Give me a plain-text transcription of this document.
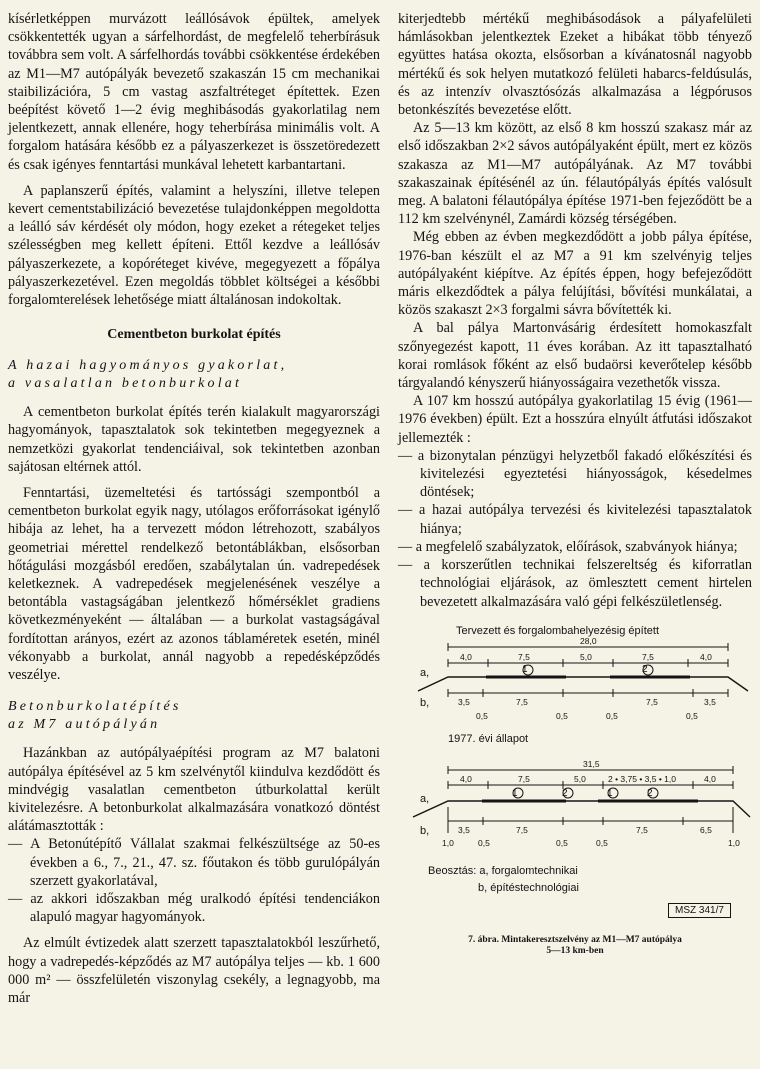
kísérletképpen murvázott leállósávok épültek, amelyek csökkentették ugyan a sárfelhordást, de megfelelő teherbírásuk továbbra sem volt. A sárfelhordás további csökkentése érdekében az M1—M7 autópályák bevezető szakaszán 15 cm mechanikai staibilizációra, 5 cm vastag aszfaltréteget építettek. Ezen beépítést követő 1—2 évig meghibásodás gyakorlatilag nem jelentkezett, annak ellenére, hogy teherbírása minimális volt. A forgalom hatására később ez a pályaszerkezet is összetöredezett és csak igényes fenntartási munkával lehetett karbantartani.

A paplanszerű építés, valamint a helyszíni, illetve telepen kevert cementstabilizáció bevezetése tulajdonképpen megoldotta a leálló sáv kérdését oly módon, hogy ezeket a rétegeket teljes szélességben meg kellett építeni. Ettől kezdve a leállósáv pályaszerkezete, a kopóréteget kivéve, megegyezett a főpálya pályaszerkezetével. Ezen megoldás többlet költségei a későbbi forgalomterelések lehetősége miatt általánosan indokoltak.

Cementbeton burkolat építés
A hazai hagyományos gyakorlat,
a vasalatlan betonburkolat

A cementbeton burkolat építés terén kialakult magyarországi hagyományok, tapasztalatok sok tekintetben megegyeznek a nemzetközi gyakorlat tendenciáival, sok tekintetben azonban sajátosan eltérnek attól.

Fenntartási, üzemeltetési és tartóssági szempontból a cementbeton burkolat egyik nagy, utólagos erőforrásokat igénylő hibája az lehet, ha a tervezett módon létrehozott, szabályos geometriai mérettel rendelkező betontáblákban, elsősorban hőtágulási mozgásból eredően, szabálytalan ún. vadrepedések keletkeznek. A vadrepedések megjelenésének veszélye a betontábla vastagságában jelentkező hőmérséklet gradiens következményeként — általában — a burkolat vastagságával fordítottan arányos, ezért az azonos táblaméretek esetén, minél vékonyabb a burkolat, annál nagyobb a repedésképződés veszélye.

Betonburkolatépítés
az M7 autópályán

Hazánkban az autópályaépítési program az M7 balatoni autópálya építésével az 5 km szelvénytől kiindulva kezdődött és mindvégig vasalatlan cementbeton útburkolattal került kivitelezésre. A betonburkolat alkalmazására vonatkozó döntést alátámasztották :

— A Betonútépítő Vállalat szakmai felkészültsége az 50-es években a 6., 7., 21., 47. sz. főutakon és több gurulópályán szerzett gyakorlatával,
— az akkori időszakban még uralkodó építési tendenciákon alapuló magyar hagyományok.

Az elmúlt évtizedek alatt szerzett tapasztalatokból leszűrhető, hogy a vadrepedés-képződés az M7 autópálya teljes — kb. 1 600 000 m² — összfelületén viszonylag csekély, a legnagyobb, ma már

kiterjedtebb mértékű meghibásodások a pályafelületi hámlásokban jelentkeztek Ezeket a hibákat több tényező együttes hatása okozta, elsősorban a kívánatosnál nagyobb mértékű és sok helyen mutatkozó felületi habarcs-feldúsulás, és az intenzív olvasztósózás alkalmazása a légpórusos betonkészítés bevezetése előtt.

Az 5—13 km között, az első 8 km hosszú szakasz már az első időszakban 2×2 sávos autópályaként épült, mert ez közös szakasza az M1—M7 autópályának. Az M7 további szakaszainak építésénél az ún. félautópályás építés valósult meg. A balatoni félautópálya építése 1971-ben fejeződött be a 112 km szelvénynél, Zamárdi község térségében.

Még ebben az évben megkezdődött a jobb pálya építése, 1976-ban készült el az M7 a 91 km szelvényig teljes autópályaként kiépítve. Az építés éppen, hogy befejeződött máris elkezdődtek a pálya felújítási, bővítési munkálatai, a közös szakaszt 2×3 forgalmi sávra bővítették ki.

A bal pálya Martonvásárig érdesített homokaszfalt szőnyegezést kapott, 11 éves korában. Az itt tapasztalható korai romlások főként az első budaörsi keverőtelep később tárgyalandó kényszerű hiányosságaira vezethetők vissza.

A 107 km hosszú autópálya gyakorlatilag 15 évig (1961—1976 években) épült. Ezt a hosszúra elnyúlt átfutási időszakot jellemezték :

— a bizonytalan pénzügyi helyzetből fakadó előkészítési és kivitelezési egyeztetési hiányosságok, késedelmes döntések;
— a hazai autópálya tervezési és kivitelezési tapasztalatok hiánya;
— a megfelelő szabályzatok, előírások, szabványok hiánya;
— a korszerűtlen technikai felszereltség és kiforratlan technológiai eljárások, az ömlesztett cement hirtelen bevezetett alkalmazására való gépi felkészületlenség.
1	2
1	2	1	2
Tervezett és forgalombahelyezésig épített
28,0
4,0	7,5	5,0	7,5	4,0
a,
b,	3,5	7,5	7,5	3,5
0,5	0,5	0,5	0,5
1977. évi állapot
31,5
4,0	7,5	5,0	2 • 3,75 • 3,5 • 1,0	4,0
a,
b,	3,5	7,5	7,5	6,5
1,0	0,5	0,5	0,5	1,0
Beosztás: a, forgalomtechnikai
b, építéstechnológiai
MSZ 341/7
7. ábra. Mintakeresztszelvény az M1—M7 autópálya
5—13 km-ben
